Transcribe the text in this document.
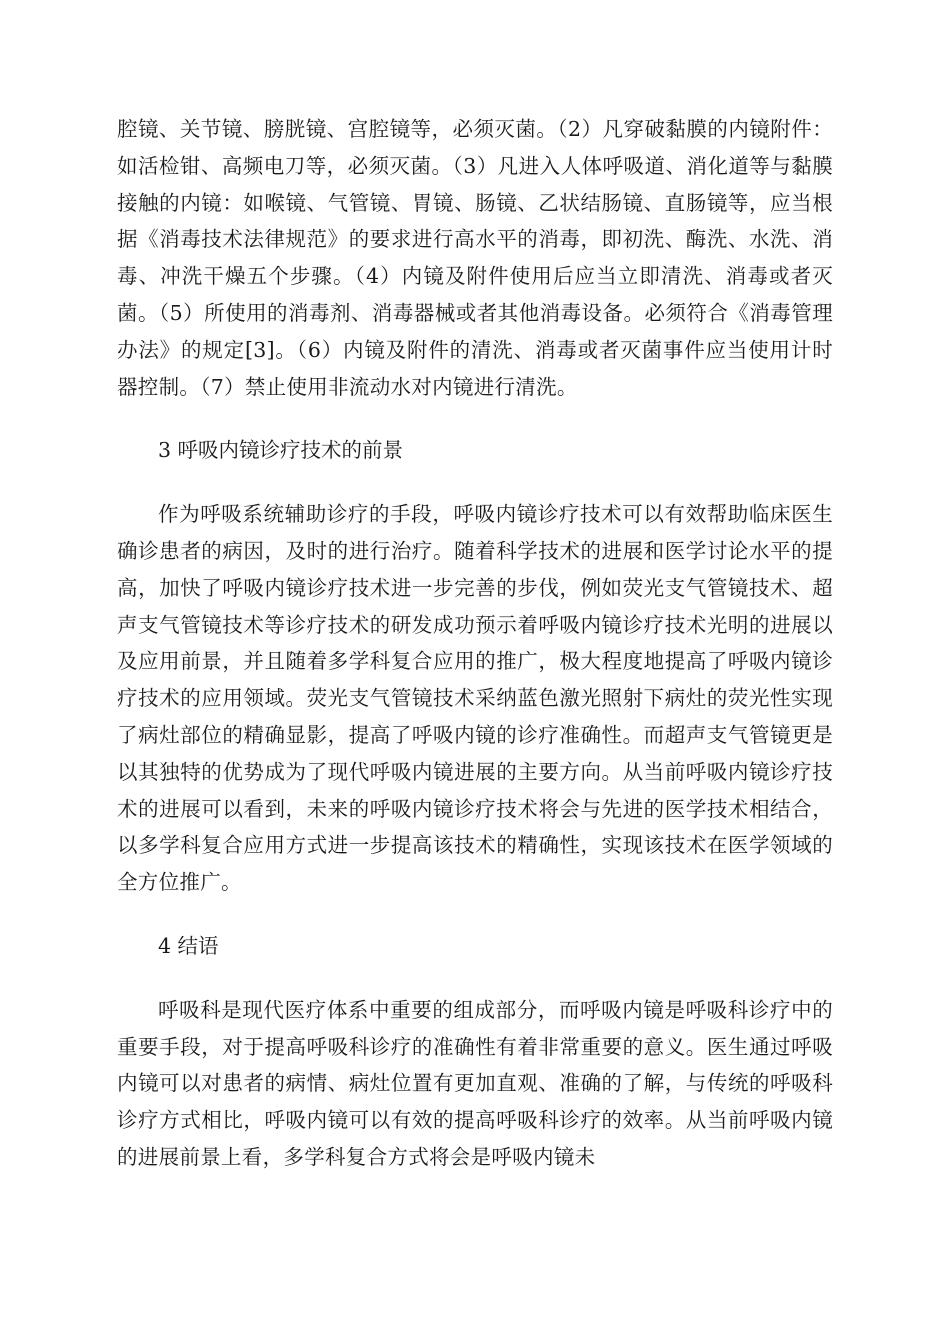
腔镜、关节镜、膀胱镜、宫腔镜等，必须灭菌。（2）凡穿破黏膜的内镜附件：如活检钳、高频电刀等，必须灭菌。（3）凡进入人体呼吸道、消化道等与黏膜接触的内镜：如喉镜、气管镜、胃镜、肠镜、乙状结肠镜、直肠镜等，应当根据《消毒技术法律规范》的要求进行高水平的消毒，即初洗、酶洗、水洗、消毒、冲洗干燥五个步骤。（4）内镜及附件使用后应当立即清洗、消毒或者灭菌。（5）所使用的消毒剂、消毒器械或者其他消毒设备。必须符合《消毒管理办法》的规定[3]。（6）内镜及附件的清洗、消毒或者灭菌事件应当使用计时器控制。（7）禁止使用非流动水对内镜进行清洗。

3 呼吸内镜诊疗技术的前景

作为呼吸系统辅助诊疗的手段，呼吸内镜诊疗技术可以有效帮助临床医生确诊患者的病因，及时的进行治疗。随着科学技术的进展和医学讨论水平的提高，加快了呼吸内镜诊疗技术进一步完善的步伐，例如荧光支气管镜技术、超声支气管镜技术等诊疗技术的研发成功预示着呼吸内镜诊疗技术光明的进展以及应用前景，并且随着多学科复合应用的推广，极大程度地提高了呼吸内镜诊疗技术的应用领域。荧光支气管镜技术采纳蓝色激光照射下病灶的荧光性实现了病灶部位的精确显影，提高了呼吸内镜的诊疗准确性。而超声支气管镜更是以其独特的优势成为了现代呼吸内镜进展的主要方向。从当前呼吸内镜诊疗技术的进展可以看到，未来的呼吸内镜诊疗技术将会与先进的医学技术相结合，以多学科复合应用方式进一步提高该技术的精确性，实现该技术在医学领域的全方位推广。

4 结语

呼吸科是现代医疗体系中重要的组成部分，而呼吸内镜是呼吸科诊疗中的重要手段，对于提高呼吸科诊疗的准确性有着非常重要的意义。医生通过呼吸内镜可以对患者的病情、病灶位置有更加直观、准确的了解，与传统的呼吸科诊疗方式相比，呼吸内镜可以有效的提高呼吸科诊疗的效率。从当前呼吸内镜的进展前景上看，多学科复合方式将会是呼吸内镜未
